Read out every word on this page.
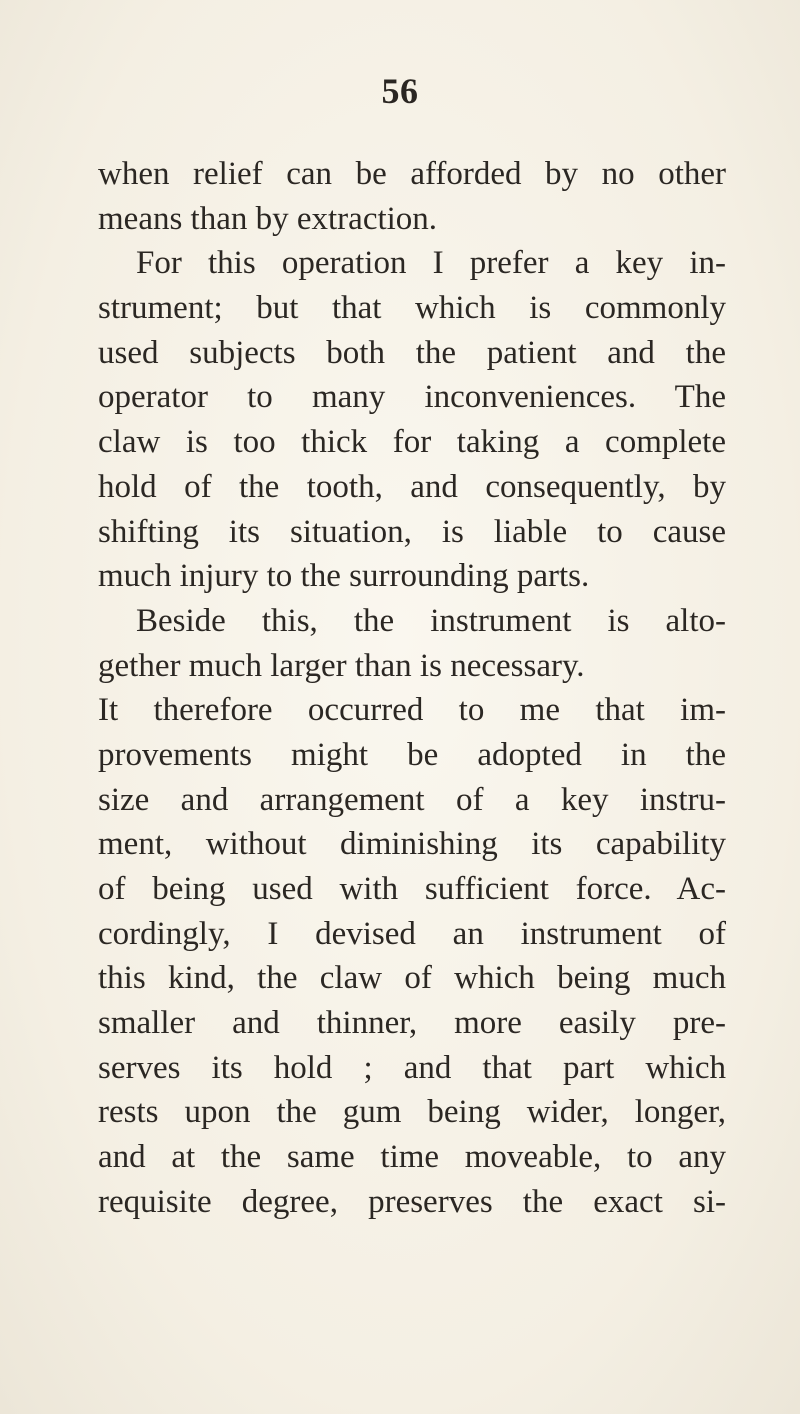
56
when relief can be afforded by no other
means than by extraction.
For this operation I prefer a key in-
strument; but that which is commonly
used subjects both the patient and the
operator to many inconveniences. The
claw is too thick for taking a complete
hold of the tooth, and consequently, by
shifting its situation, is liable to cause
much injury to the surrounding parts.
Beside this, the instrument is alto-
gether much larger than is necessary.
It therefore occurred to me that im-
provements might be adopted in the
size and arrangement of a key instru-
ment, without diminishing its capability
of being used with sufficient force. Ac-
cordingly, I devised an instrument of
this kind, the claw of which being much
smaller and thinner, more easily pre-
serves its hold ; and that part which
rests upon the gum being wider, longer,
and at the same time moveable, to any
requisite degree, preserves the exact si-
